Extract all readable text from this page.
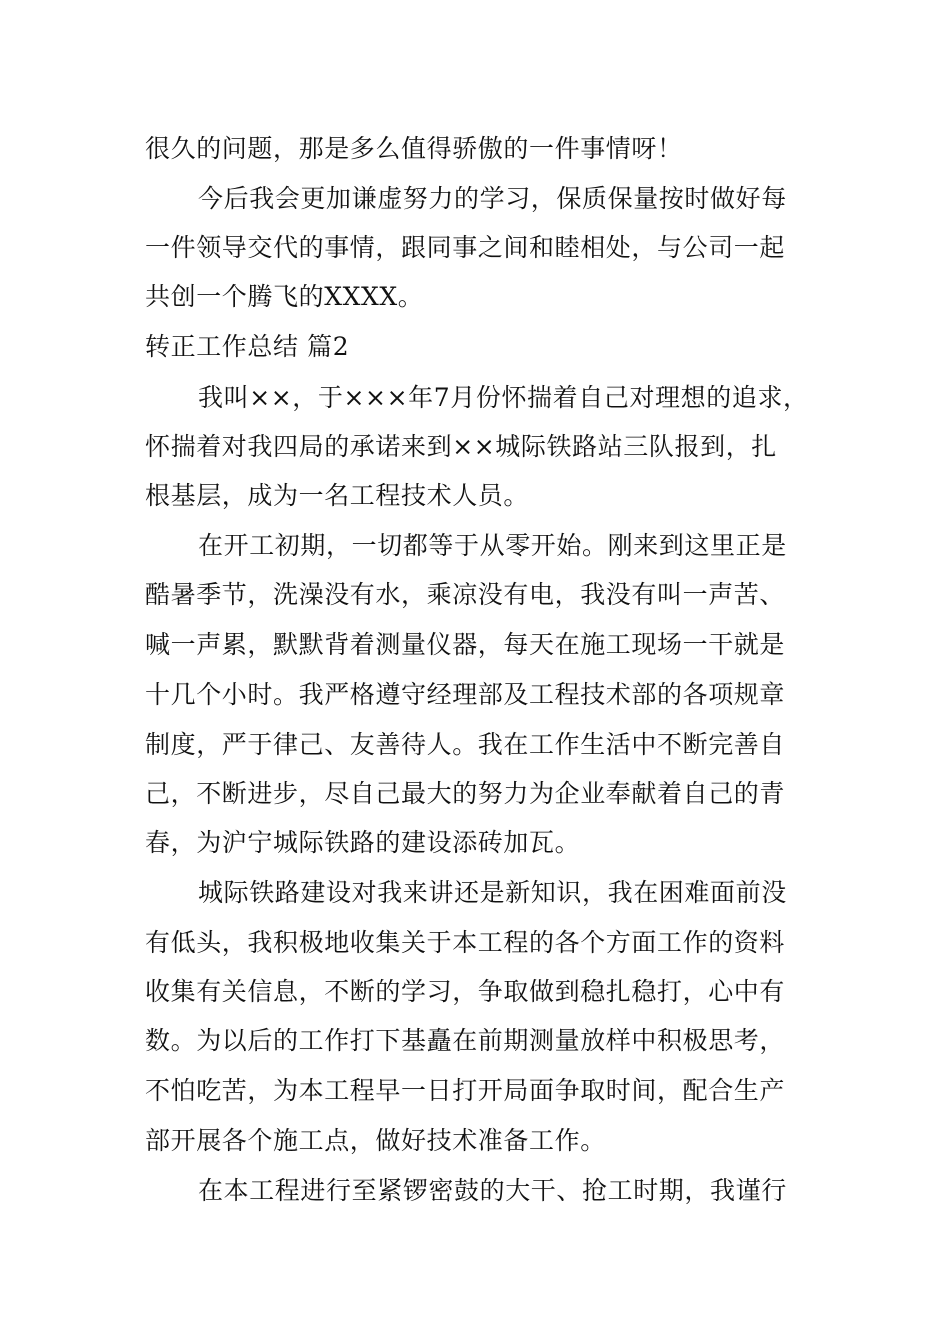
很久的问题，那是多么值得骄傲的一件事情呀！
今后我会更加谦虚努力的学习，保质保量按时做好每
一件领导交代的事情，跟同事之间和睦相处，与公司一起
共创一个腾飞的XXXX。
转正工作总结 篇2
我叫××，于×××年7月份怀揣着自己对理想的追求，
怀揣着对我四局的承诺来到××城际铁路站三队报到，扎
根基层，成为一名工程技术人员。
在开工初期，一切都等于从零开始。刚来到这里正是
酷暑季节，洗澡没有水，乘凉没有电，我没有叫一声苦、
喊一声累，默默背着测量仪器，每天在施工现场一干就是
十几个小时。我严格遵守经理部及工程技术部的各项规章
制度，严于律己、友善待人。我在工作生活中不断完善自
己，不断进步，尽自己最大的努力为企业奉献着自己的青
春，为沪宁城际铁路的建设添砖加瓦。
城际铁路建设对我来讲还是新知识，我在困难面前没
有低头，我积极地收集关于本工程的各个方面工作的资料
收集有关信息，不断的学习，争取做到稳扎稳打，心中有
数。为以后的工作打下基矗在前期测量放样中积极思考，
不怕吃苦，为本工程早一日打开局面争取时间，配合生产
部开展各个施工点，做好技术准备工作。
在本工程进行至紧锣密鼓的大干、抢工时期，我谨行
